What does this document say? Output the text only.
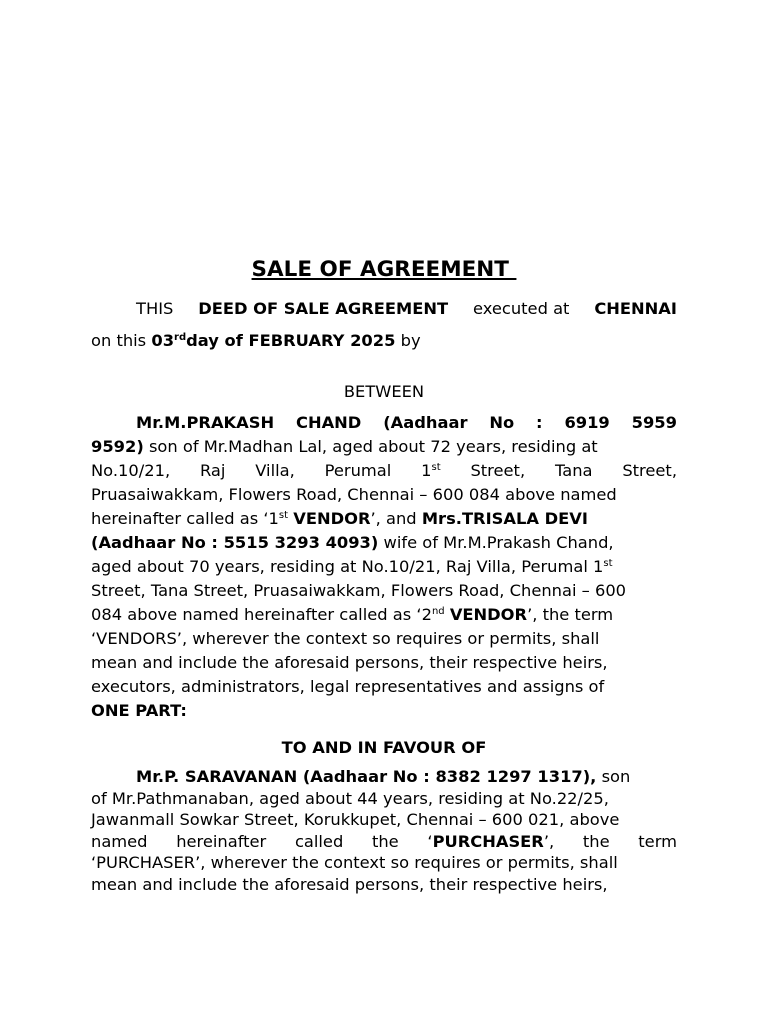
SALE OF AGREEMENT
THIS DEED OF SALE AGREEMENT executed at CHENNAI
on this 03rdday of FEBRUARY 2025 by
BETWEEN
Mr.M.PRAKASH CHAND (Aadhaar No : 6919 5959
9592) son of Mr.Madhan Lal, aged about 72 years, residing at
No.10/21, Raj Villa, Perumal 1st Street, Tana Street,
Pruasaiwakkam, Flowers Road, Chennai – 600 084 above named
hereinafter called as ‘1st VENDOR’, and Mrs.TRISALA DEVI
(Aadhaar No : 5515 3293 4093) wife of Mr.M.Prakash Chand,
aged about 70 years, residing at No.10/21, Raj Villa, Perumal 1st
Street, Tana Street, Pruasaiwakkam, Flowers Road, Chennai – 600
084 above named hereinafter called as ‘2nd VENDOR’, the term
‘VENDORS’, wherever the context so requires or permits, shall
mean and include the aforesaid persons, their respective heirs,
executors, administrators, legal representatives and assigns of
ONE PART:
TO AND IN FAVOUR OF
Mr.P. SARAVANAN (Aadhaar No : 8382 1297 1317), son
of Mr.Pathmanaban, aged about 44 years, residing at No.22/25,
Jawanmall Sowkar Street, Korukkupet, Chennai – 600 021, above
named hereinafter called the ‘PURCHASER’, the term
‘PURCHASER’, wherever the context so requires or permits, shall
mean and include the aforesaid persons, their respective heirs,
